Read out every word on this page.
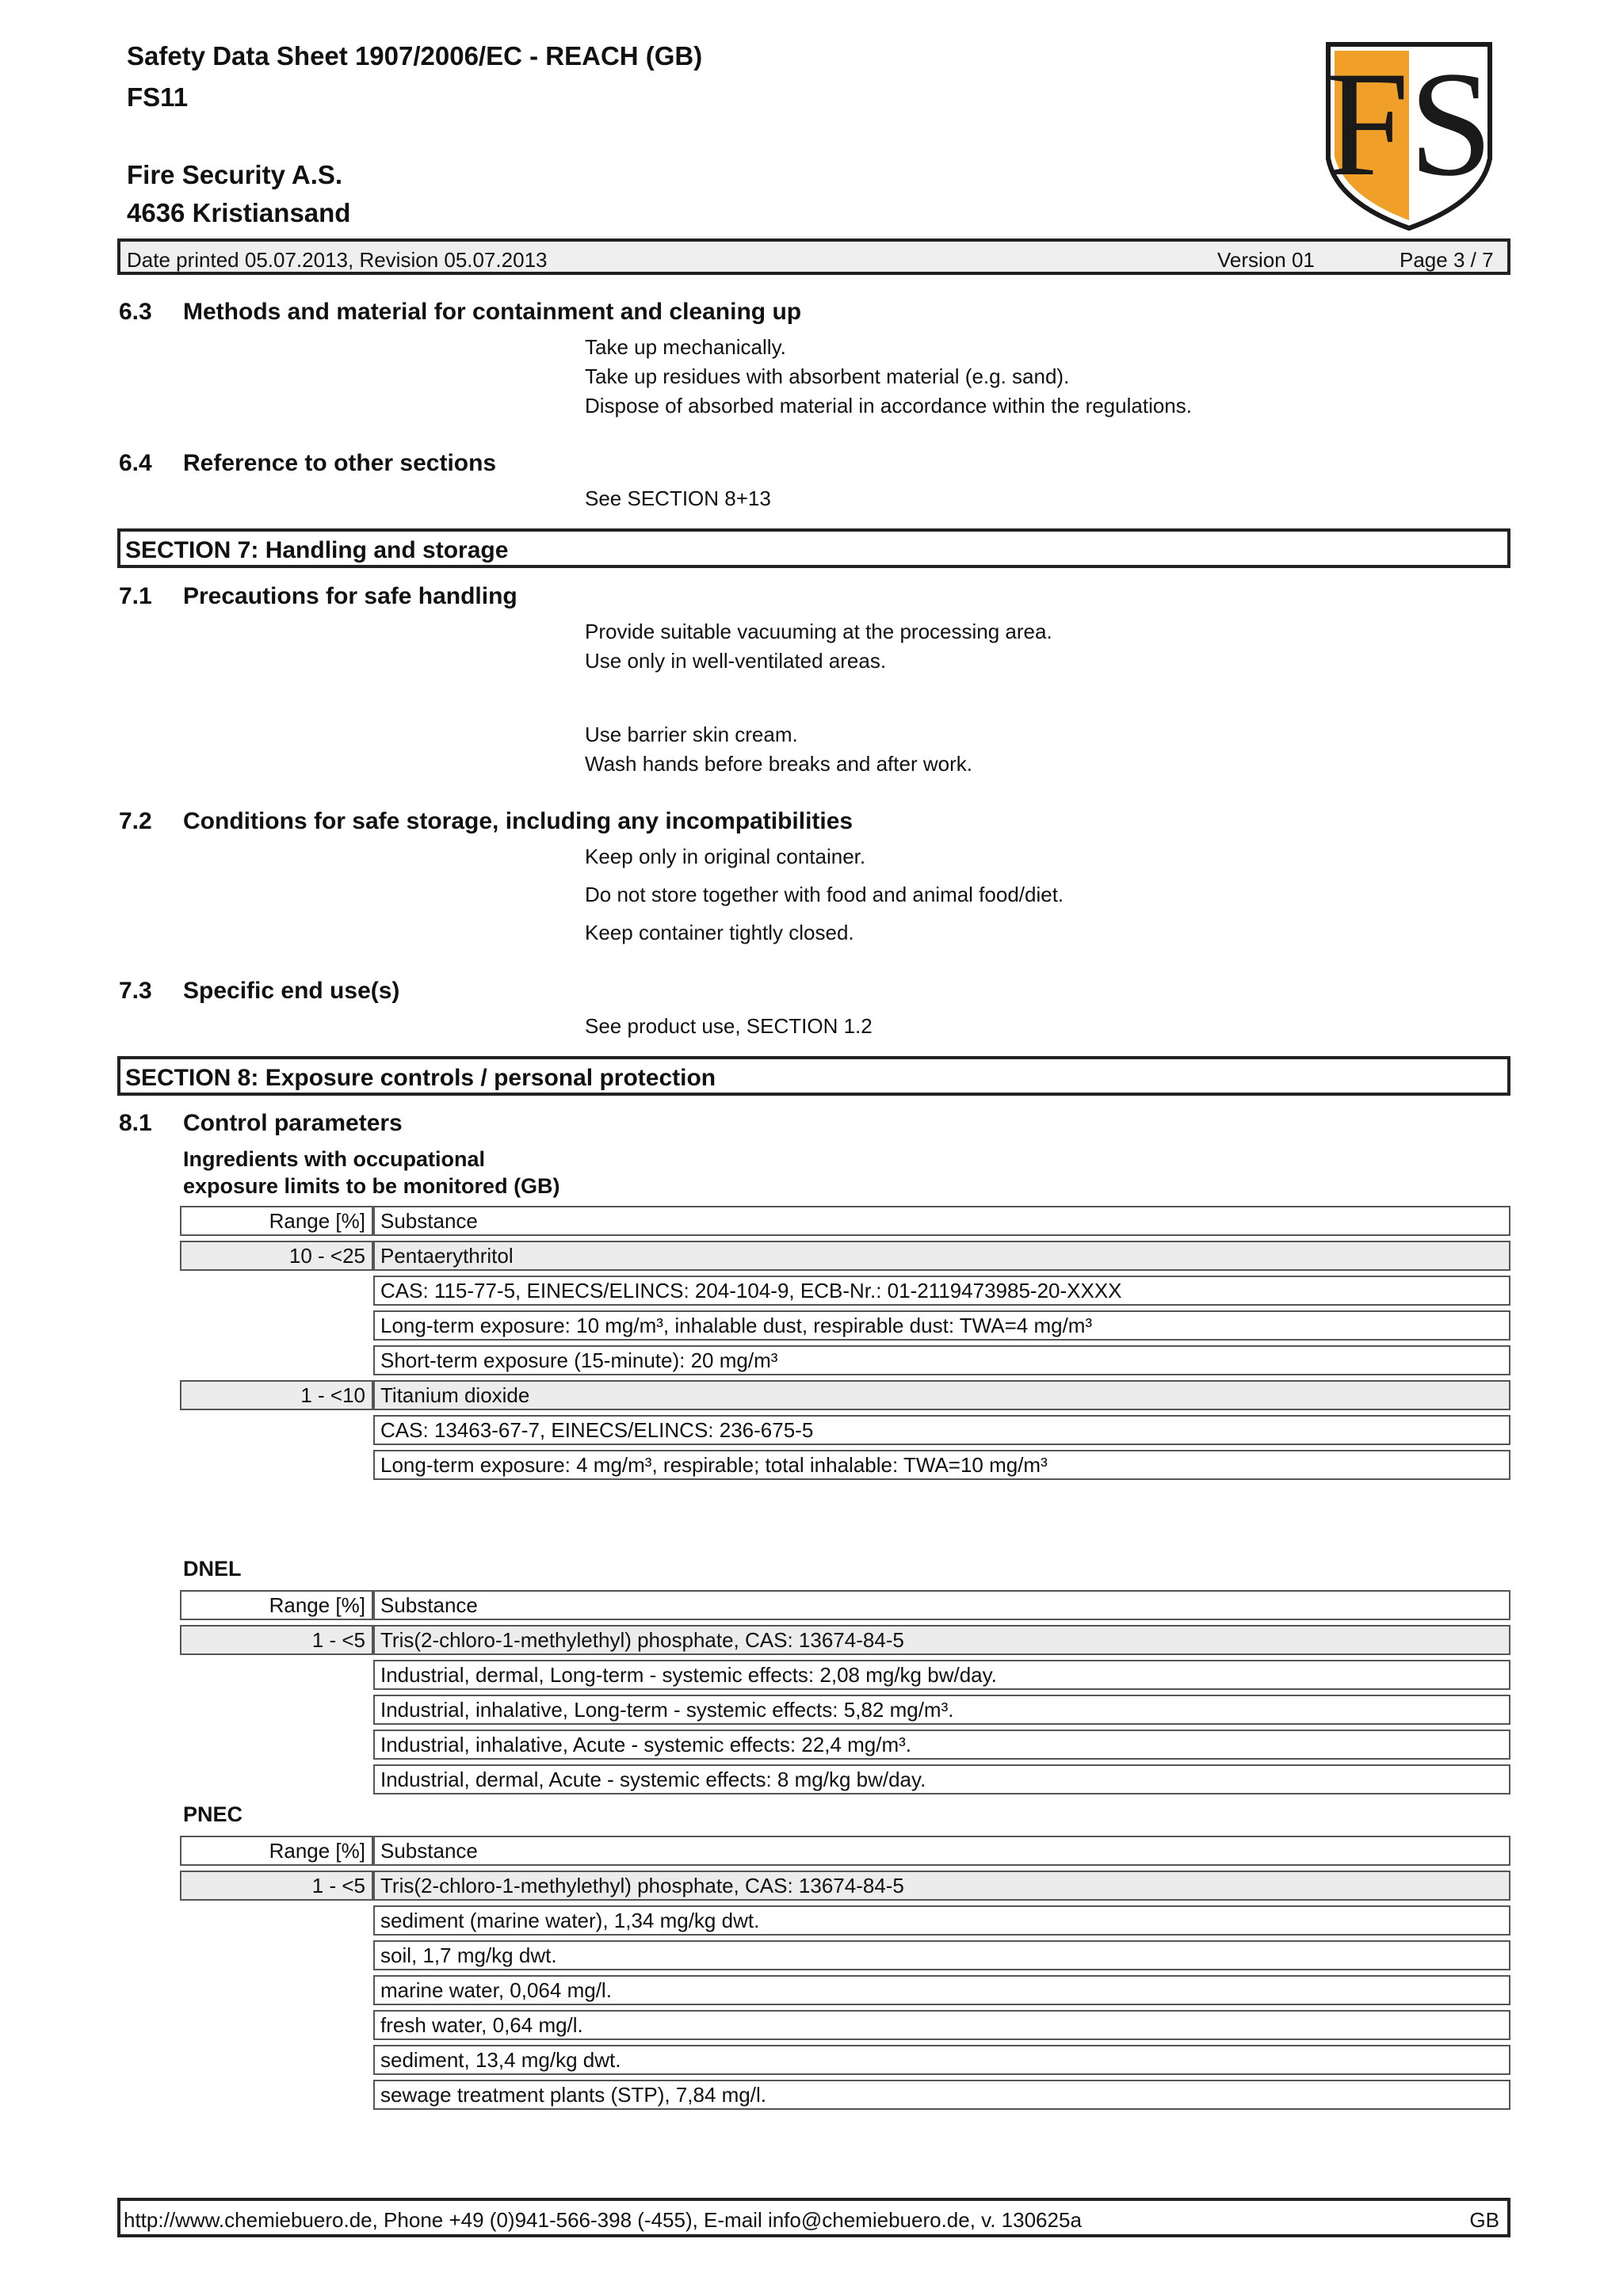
Safety Data Sheet 1907/2006/EC - REACH (GB)
FS11
Fire Security A.S.
4636 Kristiansand
FS
Date printed 05.07.2013, Revision 05.07.2013	Version 01	Page 3 / 7
6.3 Methods and material for containment and cleaning up
Take up mechanically.
Take up residues with absorbent material (e.g. sand).
Dispose of absorbed material in accordance within the regulations.
6.4 Reference to other sections
See SECTION 8+13
SECTION 7: Handling and storage
7.1 Precautions for safe handling
Provide suitable vacuuming at the processing area.
Use only in well-ventilated areas.
Use barrier skin cream.
Wash hands before breaks and after work.
7.2 Conditions for safe storage, including any incompatibilities
Keep only in original container.
Do not store together with food and animal food/diet.
Keep container tightly closed.
7.3 Specific end use(s)
See product use, SECTION 1.2
SECTION 8: Exposure controls / personal protection
8.1 Control parameters
Ingredients with occupational
exposure limits to be monitored (GB)
Range [%] Substance
10 - <25 Pentaerythritol
CAS: 115-77-5, EINECS/ELINCS: 204-104-9, ECB-Nr.: 01-2119473985-20-XXXX
Long-term exposure: 10 mg/m³, inhalable dust, respirable dust: TWA=4 mg/m³
Short-term exposure (15-minute): 20 mg/m³
1 - <10 Titanium dioxide
CAS: 13463-67-7, EINECS/ELINCS: 236-675-5
Long-term exposure: 4 mg/m³, respirable; total inhalable: TWA=10 mg/m³
DNEL
Range [%] Substance
1 - <5 Tris(2-chloro-1-methylethyl) phosphate, CAS: 13674-84-5
Industrial, dermal, Long-term - systemic effects: 2,08 mg/kg bw/day.
Industrial, inhalative, Long-term - systemic effects: 5,82 mg/m³.
Industrial, inhalative, Acute - systemic effects: 22,4 mg/m³.
Industrial, dermal, Acute - systemic effects: 8 mg/kg bw/day.
PNEC
Range [%] Substance
1 - <5 Tris(2-chloro-1-methylethyl) phosphate, CAS: 13674-84-5
sediment (marine water), 1,34 mg/kg dwt.
soil, 1,7 mg/kg dwt.
marine water, 0,064 mg/l.
fresh water, 0,64 mg/l.
sediment, 13,4 mg/kg dwt.
sewage treatment plants (STP), 7,84 mg/l.
http://www.chemiebuero.de, Phone +49 (0)941-566-398 (-455), E-mail info@chemiebuero.de, v. 130625a	GB
